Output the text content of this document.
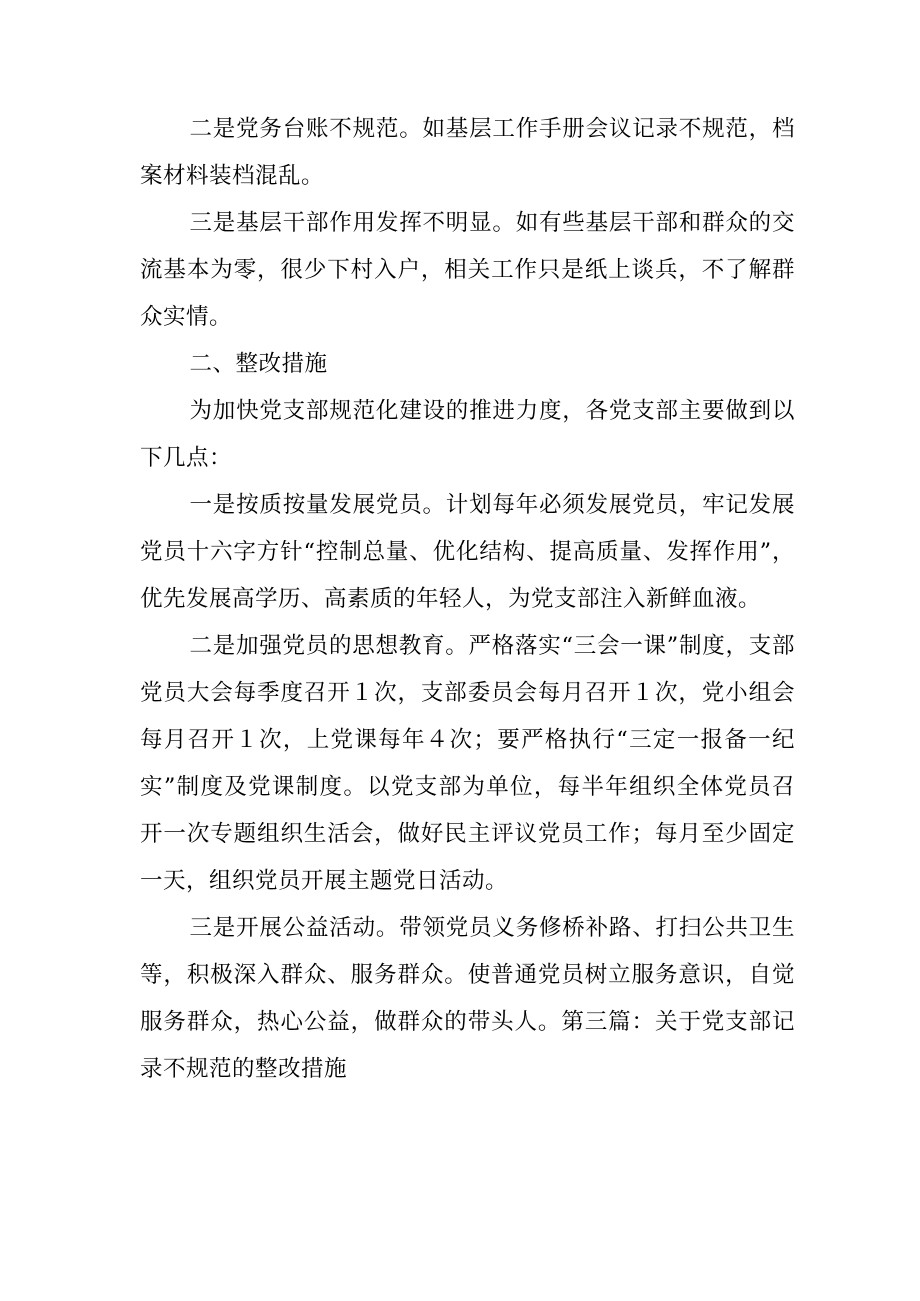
二是党务台账不规范。如基层工作手册会议记录不规范，档案材料装档混乱。

三是基层干部作用发挥不明显。如有些基层干部和群众的交流基本为零，很少下村入户，相关工作只是纸上谈兵，不了解群众实情。

二、整改措施

为加快党支部规范化建设的推进力度，各党支部主要做到以下几点：

一是按质按量发展党员。计划每年必须发展党员，牢记发展党员十六字方针“控制总量、优化结构、提高质量、发挥作用”，优先发展高学历、高素质的年轻人，为党支部注入新鲜血液。

二是加强党员的思想教育。严格落实“三会一课”制度，支部党员大会每季度召开１次，支部委员会每月召开１次，党小组会每月召开１次，上党课每年４次；要严格执行“三定一报备一纪实”制度及党课制度。以党支部为单位，每半年组织全体党员召开一次专题组织生活会，做好民主评议党员工作；每月至少固定一天，组织党员开展主题党日活动。

三是开展公益活动。带领党员义务修桥补路、打扫公共卫生等，积极深入群众、服务群众。使普通党员树立服务意识，自觉服务群众，热心公益，做群众的带头人。第三篇：关于党支部记录不规范的整改措施
